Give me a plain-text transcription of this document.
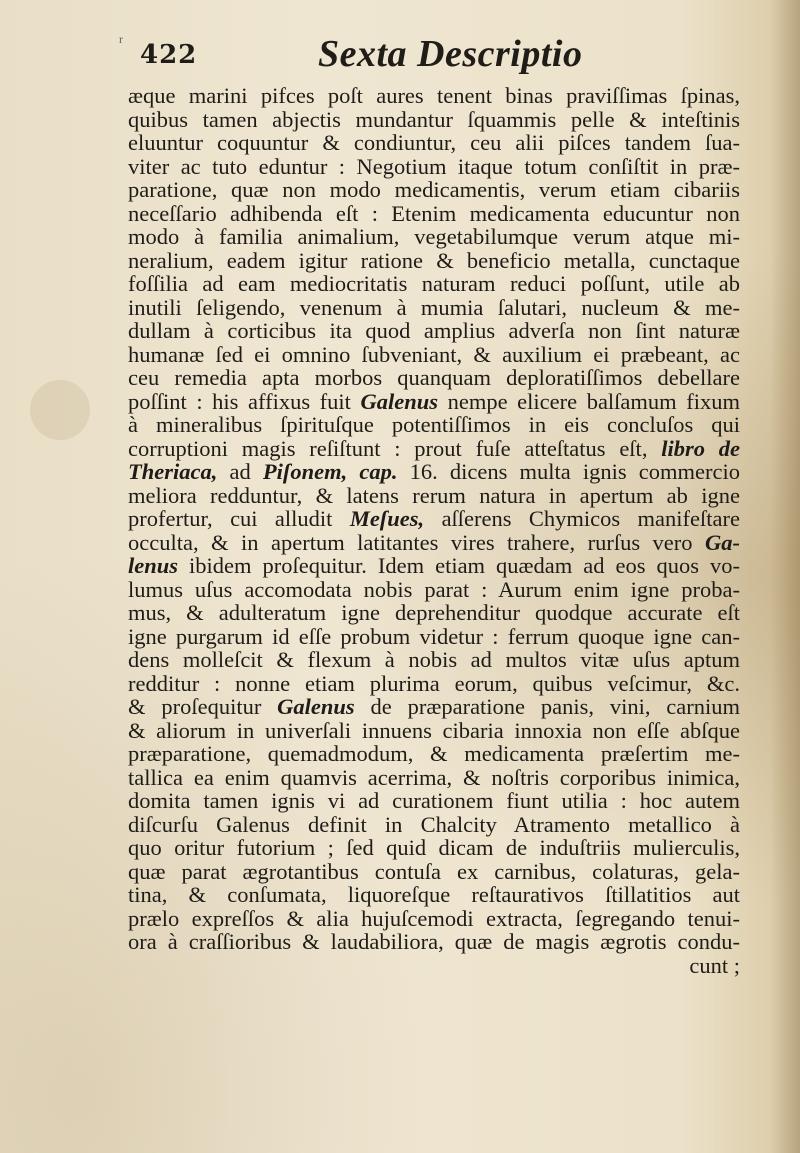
r
422	Sexta Descriptio
æque marini pifces poſt aures tenent binas praviſſimas ſpinas,
quibus tamen abjectis mundantur ſquammis pelle & inteſtinis
eluuntur coquuntur & condiuntur, ceu alii piſces tandem ſua-
viter ac tuto eduntur : Negotium itaque totum conſiſtit in præ-
paratione, quæ non modo medicamentis, verum etiam cibariis
neceſſario adhibenda eſt : Etenim medicamenta educuntur non
modo à familia animalium, vegetabilumque verum atque mi-
neralium, eadem igitur ratione & beneficio metalla, cunctaque
foſſilia ad eam mediocritatis naturam reduci poſſunt, utile ab
inutili ſeligendo, venenum à mumia ſalutari, nucleum & me-
dullam à corticibus ita quod amplius adverſa non ſint naturæ
humanæ ſed ei omnino ſubveniant, & auxilium ei præbeant, ac
ceu remedia apta morbos quanquam deploratiſſimos debellare
poſſint : his affixus fuit Galenus nempe elicere balſamum fixum
à mineralibus ſpirituſque potentiſſimos in eis concluſos qui
corruptioni magis reſiſtunt : prout fuſe atteſtatus eſt, libro de
Theriaca, ad Piſonem, cap. 16. dicens multa ignis commercio
meliora redduntur, & latens rerum natura in apertum ab igne
profertur, cui alludit Meſues, aſſerens Chymicos manifeſtare
occulta, & in apertum latitantes vires trahere, rurſus vero Ga-
lenus ibidem proſequitur. Idem etiam quædam ad eos quos vo-
lumus uſus accomodata nobis parat : Aurum enim igne proba-
mus, & adulteratum igne deprehenditur quodque accurate eſt
igne purgarum id eſſe probum videtur : ferrum quoque igne can-
dens molleſcit & flexum à nobis ad multos vitæ uſus aptum
redditur : nonne etiam plurima eorum, quibus veſcimur, &c.
& proſequitur Galenus de præparatione panis, vini, carnium
& aliorum in univerſali innuens cibaria innoxia non eſſe abſque
præparatione, quemadmodum, & medicamenta præſertim me-
tallica ea enim quamvis acerrima, & noſtris corporibus inimica,
domita tamen ignis vi ad curationem fiunt utilia : hoc autem
diſcurſu Galenus definit in Chalcity Atramento metallico à
quo oritur futorium ; ſed quid dicam de induſtriis mulierculis,
quæ parat ægrotantibus contuſa ex carnibus, colaturas, gela-
tina, & conſumata, liquoreſque reſtaurativos ſtillatitios aut
prælo expreſſos & alia hujuſcemodi extracta, ſegregando tenui-
ora à craſſioribus & laudabiliora, quæ de magis ægrotis condu-
cunt ;
